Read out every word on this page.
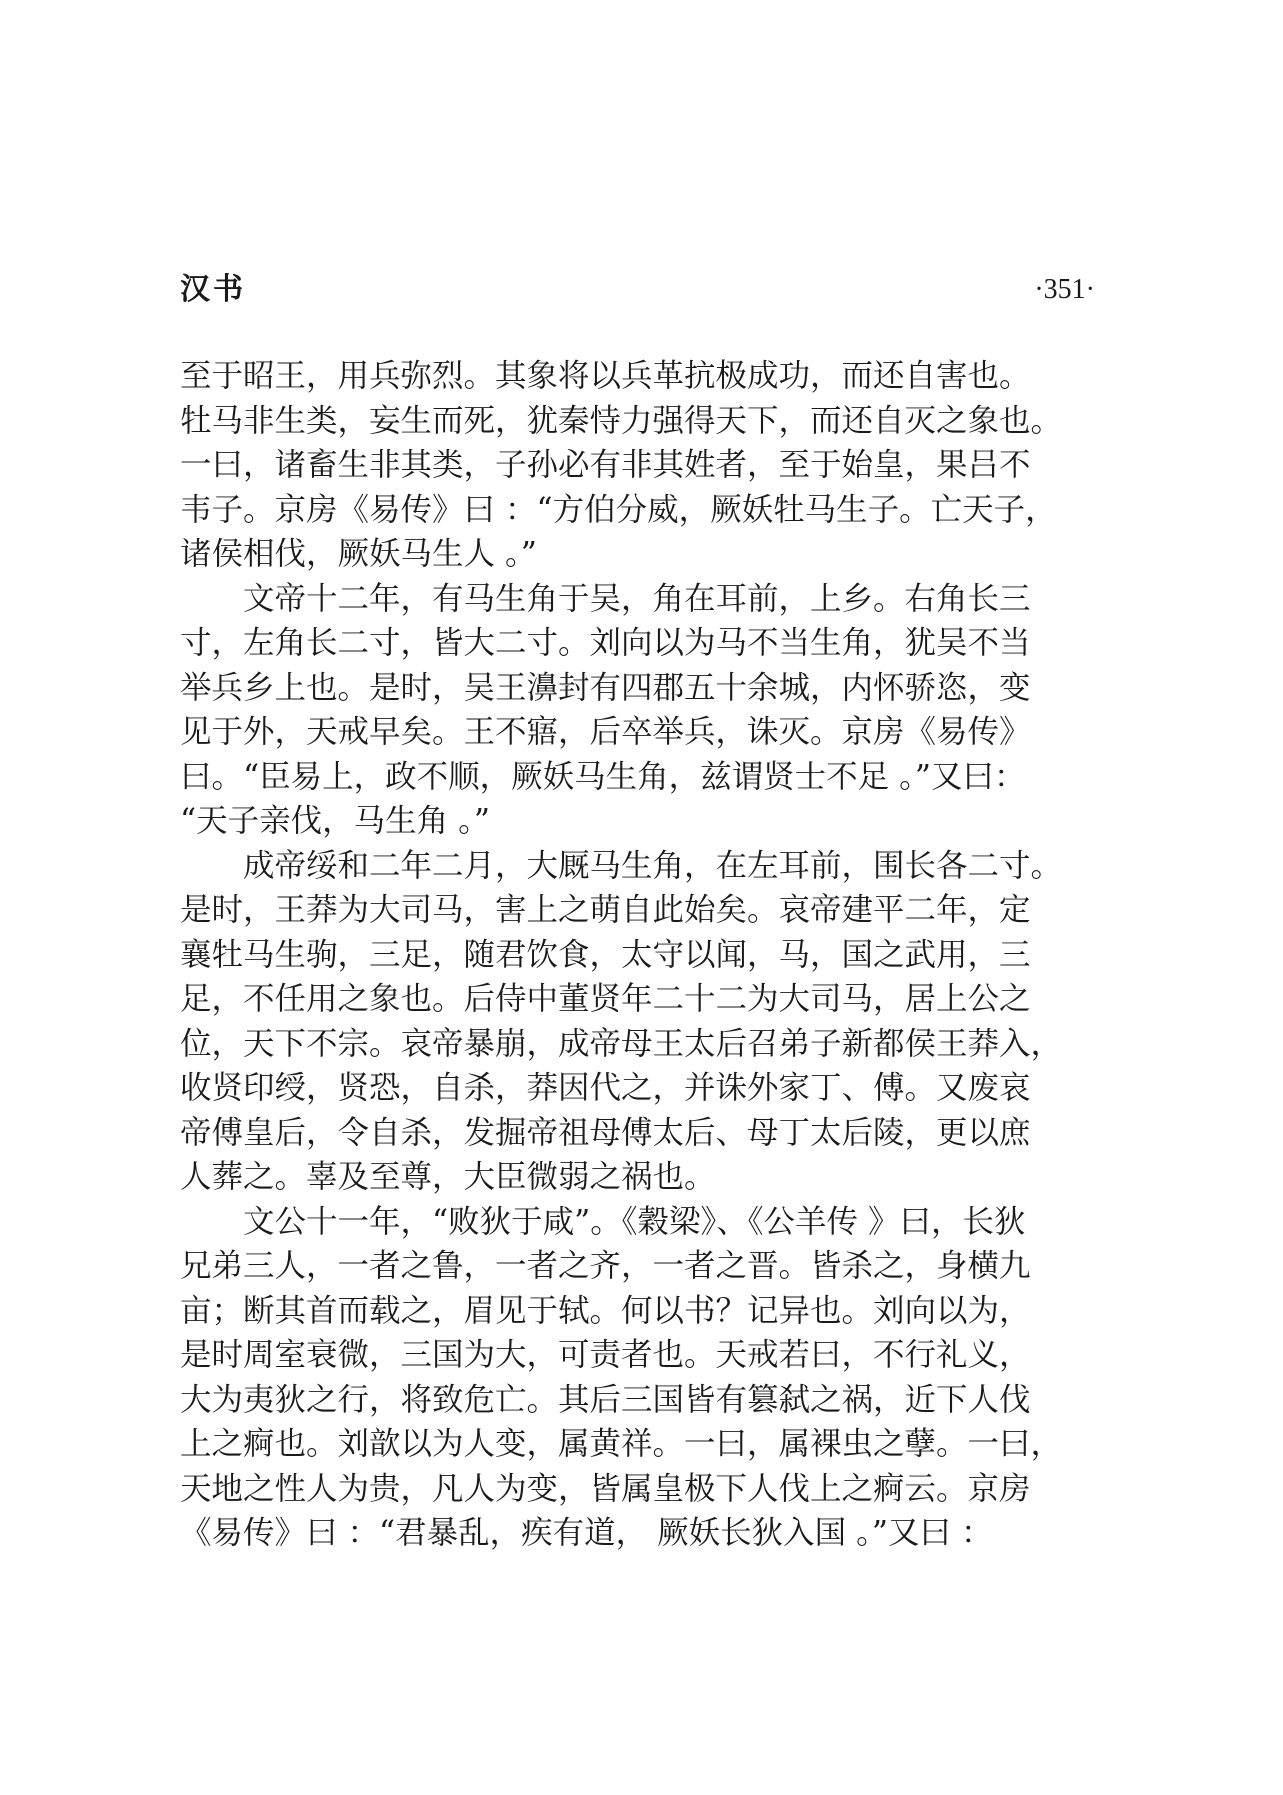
汉书	·351·
至于昭王，用兵弥烈。其象将以兵革抗极成功，而还自害也。
牡马非生类，妄生而死，犹秦恃力强得天下，而还自灭之象也。
一曰，诸畜生非其类，子孙必有非其姓者，至于始皇，果吕不
韦子。京房《易传》曰 ：“方伯分威，厥妖牡马生子。亡天子，
诸侯相伐，厥妖马生人 。”
文帝十二年，有马生角于吴，角在耳前，上乡。右角长三
寸，左角长二寸，皆大二寸。刘向以为马不当生角，犹吴不当
举兵乡上也。是时，吴王濞封有四郡五十余城，内怀骄恣，变
见于外，天戒早矣。王不寤，后卒举兵，诛灭。京房《易传》
曰。“臣易上，政不顺，厥妖马生角，兹谓贤士不足 。”又曰：
“天子亲伐，马生角 。”
成帝绥和二年二月，大厩马生角，在左耳前，围长各二寸。
是时，王莽为大司马，害上之萌自此始矣。哀帝建平二年，定
襄牡马生驹，三足，随君饮食，太守以闻，马，国之武用，三
足，不任用之象也。后侍中董贤年二十二为大司马，居上公之
位，天下不宗。哀帝暴崩，成帝母王太后召弟子新都侯王莽入，
收贤印绶，贤恐，自杀，莽因代之，并诛外家丁、傅。又废哀
帝傅皇后，令自杀，发掘帝祖母傅太后、母丁太后陵，更以庶
人葬之。辜及至尊，大臣微弱之祸也。
文公十一年，“败狄于咸”。《穀梁》、《公羊传 》曰，长狄
兄弟三人，一者之鲁，一者之齐，一者之晋。皆杀之，身横九
亩；断其首而载之，眉见于轼。何以书？记异也。刘向以为，
是时周室衰微，三国为大，可责者也。天戒若曰，不行礼义，
大为夷狄之行，将致危亡。其后三国皆有篡弑之祸，近下人伐
上之痾也。刘歆以为人变，属黄祥。一曰，属裸虫之孽。一曰，
天地之性人为贵，凡人为变，皆属皇极下人伐上之痾云。京房
《易传》曰 ：“君暴乱，疾有道， 厥妖长狄入国 。”又曰 ：
